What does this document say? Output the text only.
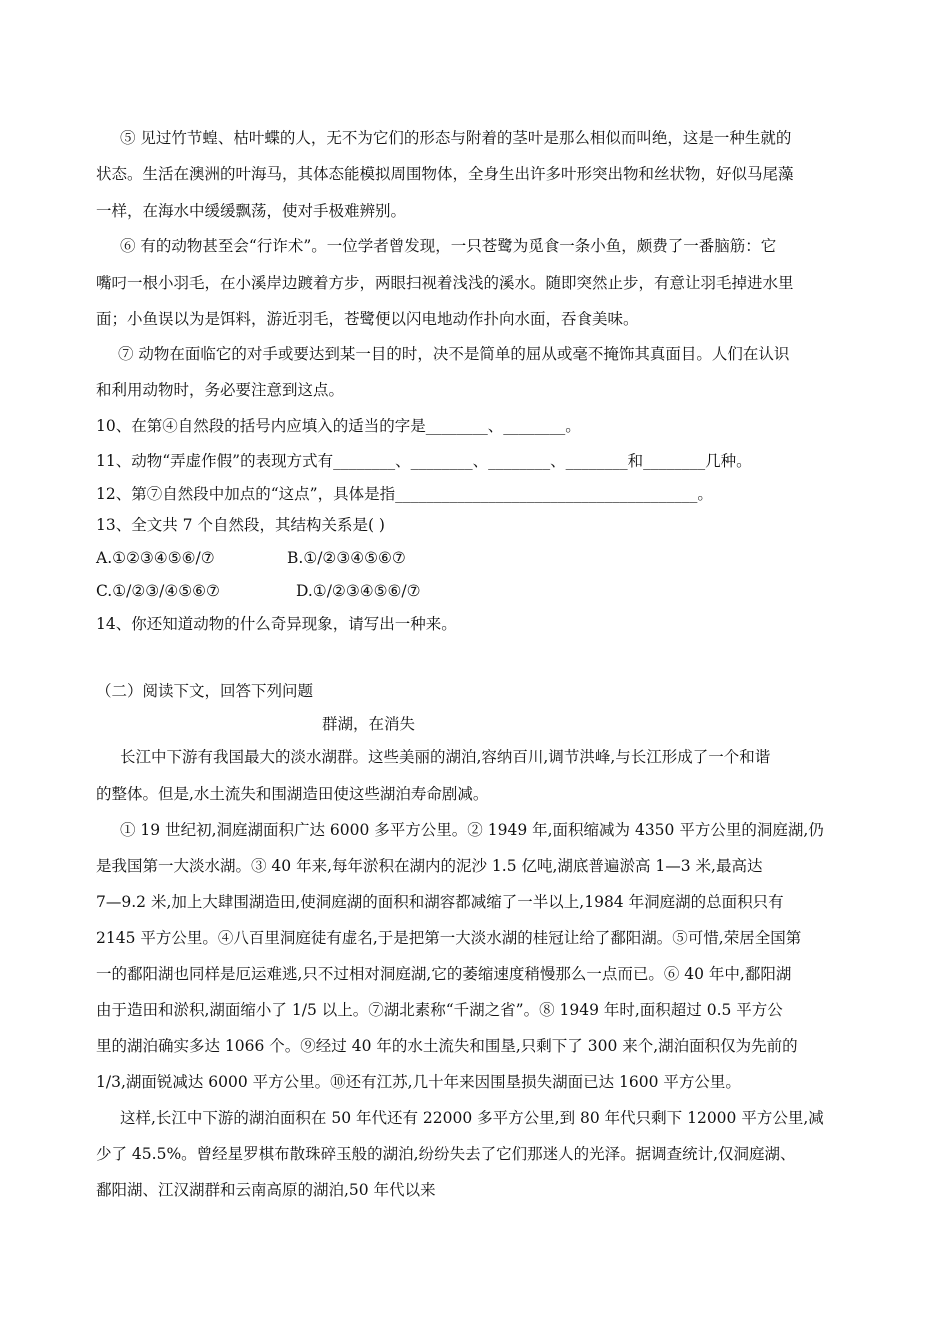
⑤ 见过竹节蝗、枯叶蝶的人，无不为它们的形态与附着的茎叶是那么相似而叫绝，这是一种生就的
状态。生活在澳洲的叶海马，其体态能模拟周围物体，全身生出许多叶形突出物和丝状物，好似马尾藻
一样，在海水中缓缓飘荡，使对手极难辨别。
⑥ 有的动物甚至会“行诈术”。一位学者曾发现，一只苍鹭为觅食一条小鱼，颇费了一番脑筋：它
嘴叼一根小羽毛，在小溪岸边踱着方步，两眼扫视着浅浅的溪水。随即突然止步，有意让羽毛掉进水里
面；小鱼误以为是饵料，游近羽毛，苍鹭便以闪电地动作扑向水面，吞食美味。
⑦ 动物在面临它的对手或要达到某一目的时，决不是简单的屈从或毫不掩饰其真面目。人们在认识
和利用动物时，务必要注意到这点。
10、在第④自然段的括号内应填入的适当的字是________、________。
11、动物“弄虚作假”的表现方式有________、________、________、________和________几种。
12、第⑦自然段中加点的“这点”，具体是指_______________________________________。
13、全文共 7 个自然段，其结构关系是( )
A.①②③④⑤⑥/⑦	B.①/②③④⑤⑥⑦
C.①/②③/④⑤⑥⑦	D.①/②③④⑤⑥/⑦
14、你还知道动物的什么奇异现象，请写出一种来。
（二）阅读下文，回答下列问题
群湖，在消失
长江中下游有我国最大的淡水湖群。这些美丽的湖泊,容纳百川,调节洪峰,与长江形成了一个和谐
的整体。但是,水土流失和围湖造田使这些湖泊寿命剧减。
① 19 世纪初,洞庭湖面积广达 6000 多平方公里。② 1949 年,面积缩减为 4350 平方公里的洞庭湖,仍
是我国第一大淡水湖。③ 40 年来,每年淤积在湖内的泥沙 1.5 亿吨,湖底普遍淤高 1—3 米,最高达
7—9.2 米,加上大肆围湖造田,使洞庭湖的面积和湖容都减缩了一半以上,1984 年洞庭湖的总面积只有
2145 平方公里。④八百里洞庭徒有虚名,于是把第一大淡水湖的桂冠让给了鄱阳湖。⑤可惜,荣居全国第
一的鄱阳湖也同样是厄运难逃,只不过相对洞庭湖,它的萎缩速度稍慢那么一点而已。⑥ 40 年中,鄱阳湖
由于造田和淤积,湖面缩小了 1/5 以上。⑦湖北素称“千湖之省”。⑧ 1949 年时,面积超过 0.5 平方公
里的湖泊确实多达 1066 个。⑨经过 40 年的水土流失和围垦,只剩下了 300 来个,湖泊面积仅为先前的
1/3,湖面锐减达 6000 平方公里。⑩还有江苏,几十年来因围垦损失湖面已达 1600 平方公里。
这样,长江中下游的湖泊面积在 50 年代还有 22000 多平方公里,到 80 年代只剩下 12000 平方公里,减
少了 45.5%。曾经星罗棋布散珠碎玉般的湖泊,纷纷失去了它们那迷人的光泽。据调查统计,仅洞庭湖、
鄱阳湖、江汉湖群和云南高原的湖泊,50 年代以来
